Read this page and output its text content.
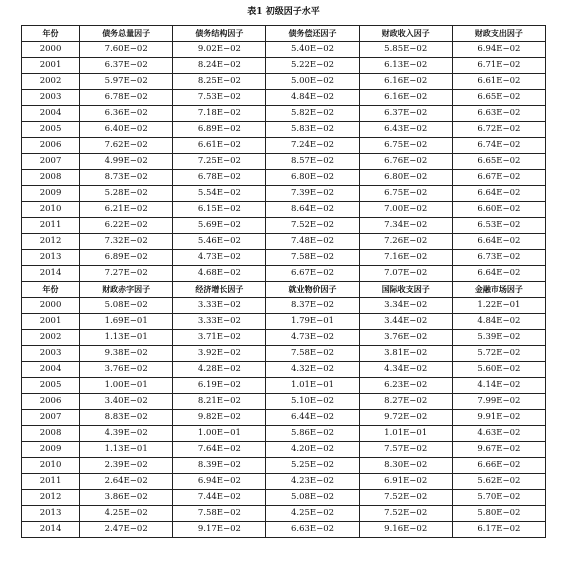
表1 初级因子水平
年份	债务总量因子	债务结构因子	债务偿还因子	财政收入因子	财政支出因子
2000	7.60E−02	9.02E−02	5.40E−02	5.85E−02	6.94E−02
2001	6.37E−02	8.24E−02	5.22E−02	6.13E−02	6.71E−02
2002	5.97E−02	8.25E−02	5.00E−02	6.16E−02	6.61E−02
2003	6.78E−02	7.53E−02	4.84E−02	6.16E−02	6.65E−02
2004	6.36E−02	7.18E−02	5.82E−02	6.37E−02	6.63E−02
2005	6.40E−02	6.89E−02	5.83E−02	6.43E−02	6.72E−02
2006	7.62E−02	6.61E−02	7.24E−02	6.75E−02	6.74E−02
2007	4.99E−02	7.25E−02	8.57E−02	6.76E−02	6.65E−02
2008	8.73E−02	6.78E−02	6.80E−02	6.80E−02	6.67E−02
2009	5.28E−02	5.54E−02	7.39E−02	6.75E−02	6.64E−02
2010	6.21E−02	6.15E−02	8.64E−02	7.00E−02	6.60E−02
2011	6.22E−02	5.69E−02	7.52E−02	7.34E−02	6.53E−02
2012	7.32E−02	5.46E−02	7.48E−02	7.26E−02	6.64E−02
2013	6.89E−02	4.73E−02	7.58E−02	7.16E−02	6.73E−02
2014	7.27E−02	4.68E−02	6.67E−02	7.07E−02	6.64E−02
年份	财政赤字因子	经济增长因子	就业物价因子	国际收支因子	金融市场因子
2000	5.08E−02	3.33E−02	8.37E−02	3.34E−02	1.22E−01
2001	1.69E−01	3.33E−02	1.79E−01	3.44E−02	4.84E−02
2002	1.13E−01	3.71E−02	4.73E−02	3.76E−02	5.39E−02
2003	9.38E−02	3.92E−02	7.58E−02	3.81E−02	5.72E−02
2004	3.76E−02	4.28E−02	4.32E−02	4.34E−02	5.60E−02
2005	1.00E−01	6.19E−02	1.01E−01	6.23E−02	4.14E−02
2006	3.40E−02	8.21E−02	5.10E−02	8.27E−02	7.99E−02
2007	8.83E−02	9.82E−02	6.44E−02	9.72E−02	9.91E−02
2008	4.39E−02	1.00E−01	5.86E−02	1.01E−01	4.63E−02
2009	1.13E−01	7.64E−02	4.20E−02	7.57E−02	9.67E−02
2010	2.39E−02	8.39E−02	5.25E−02	8.30E−02	6.66E−02
2011	2.64E−02	6.94E−02	4.23E−02	6.91E−02	5.62E−02
2012	3.86E−02	7.44E−02	5.08E−02	7.52E−02	5.70E−02
2013	4.25E−02	7.58E−02	4.25E−02	7.52E−02	5.80E−02
2014	2.47E−02	9.17E−02	6.63E−02	9.16E−02	6.17E−02
